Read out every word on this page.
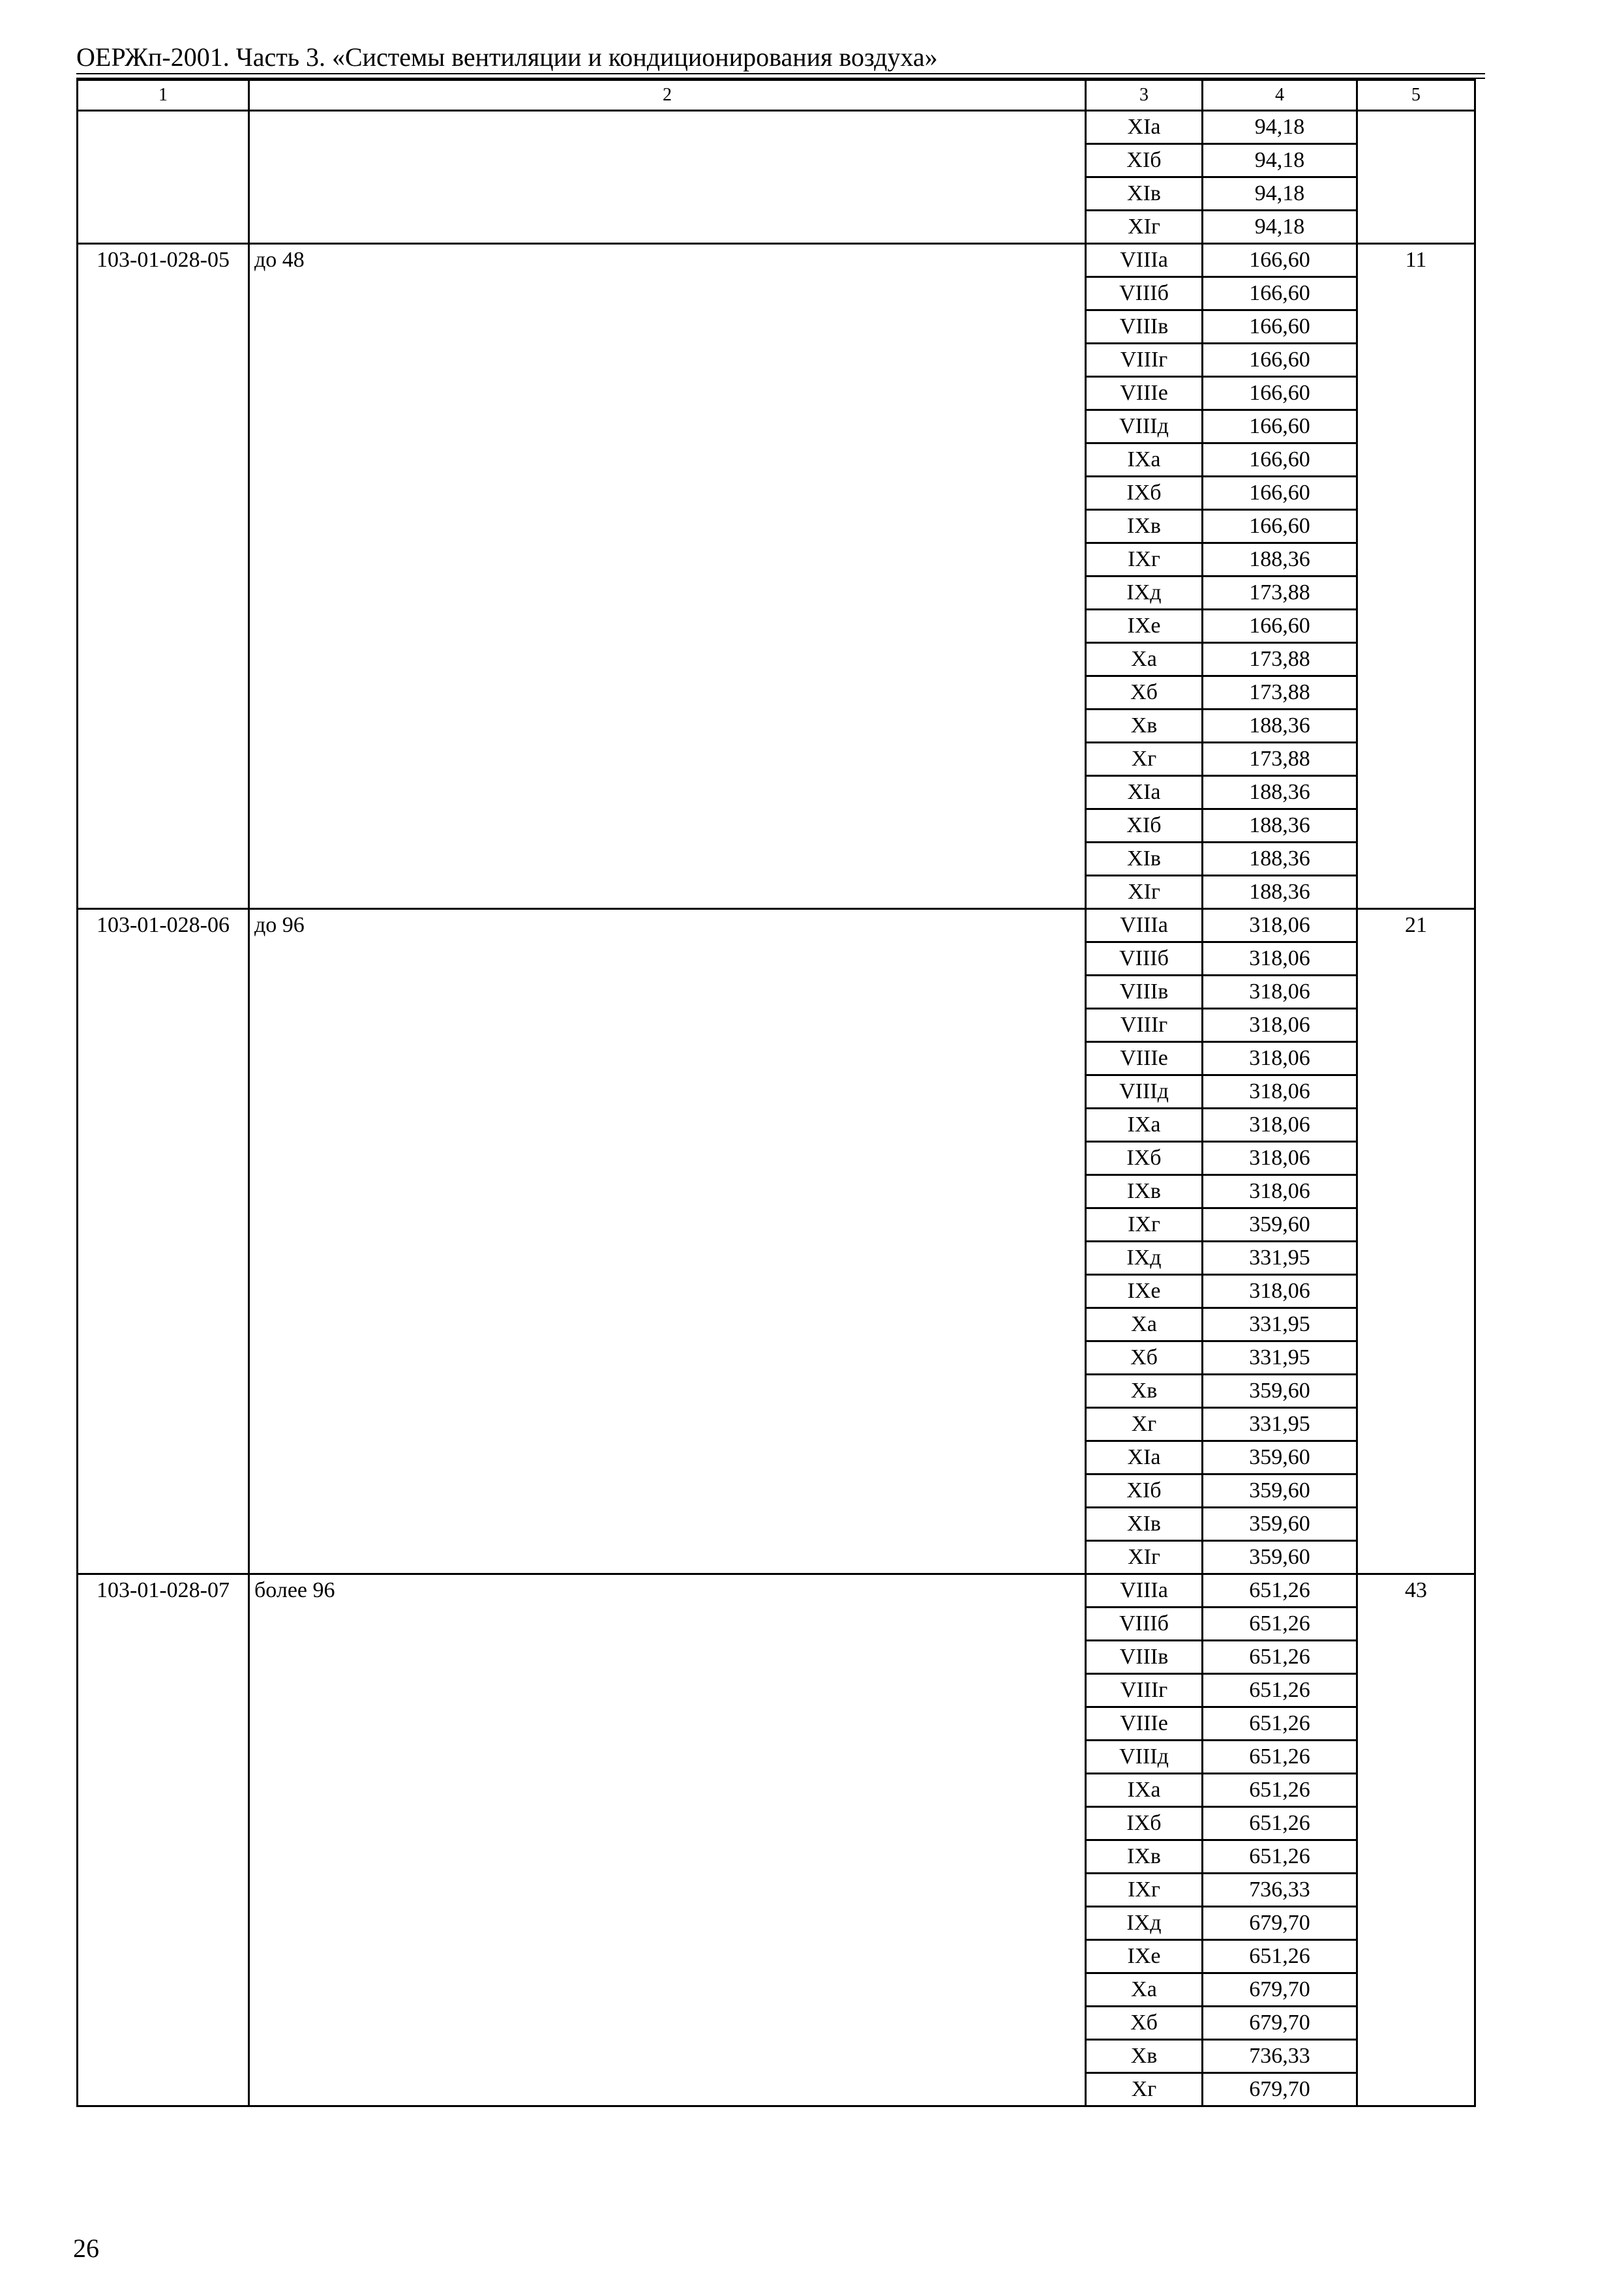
ОЕРЖп-2001. Часть 3. «Системы вентиляции и кондиционирования воздуха»
1	2	3	4	5
		XIа	94,18	
		XIб	94,18	
		XIв	94,18	
		XIг	94,18	
103-01-028-05	до 48	VIIIа	166,60	11
		VIIIб	166,60	
		VIIIв	166,60	
		VIIIг	166,60	
		VIIIе	166,60	
		VIIIд	166,60	
		IXа	166,60	
		IXб	166,60	
		IXв	166,60	
		IXг	188,36	
		IXд	173,88	
		IXе	166,60	
		Xа	173,88	
		Xб	173,88	
		Xв	188,36	
		Xг	173,88	
		XIа	188,36	
		XIб	188,36	
		XIв	188,36	
		XIг	188,36	
103-01-028-06	до 96	VIIIа	318,06	21
		VIIIб	318,06	
		VIIIв	318,06	
		VIIIг	318,06	
		VIIIе	318,06	
		VIIIд	318,06	
		IXа	318,06	
		IXб	318,06	
		IXв	318,06	
		IXг	359,60	
		IXд	331,95	
		IXе	318,06	
		Xа	331,95	
		Xб	331,95	
		Xв	359,60	
		Xг	331,95	
		XIа	359,60	
		XIб	359,60	
		XIв	359,60	
		XIг	359,60	
103-01-028-07	более 96	VIIIа	651,26	43
		VIIIб	651,26	
		VIIIв	651,26	
		VIIIг	651,26	
		VIIIе	651,26	
		VIIIд	651,26	
		IXа	651,26	
		IXб	651,26	
		IXв	651,26	
		IXг	736,33	
		IXд	679,70	
		IXе	651,26	
		Xа	679,70	
		Xб	679,70	
		Xв	736,33	
		Xг	679,70	
26
